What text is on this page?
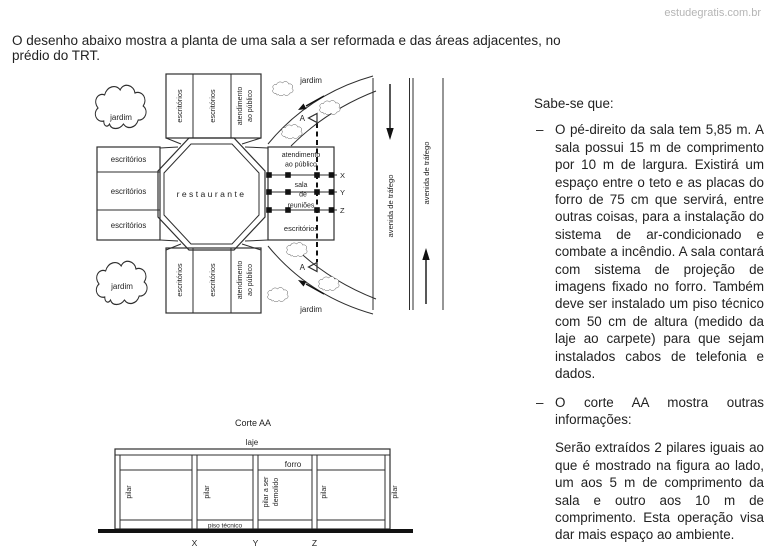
estudegratis.com.br
O desenho abaixo mostra a planta de uma sala a ser reformada e das áreas adjacentes, no prédio do TRT.
jardim
jardim
escritórios	escritórios	atendimento ao público
escritórios	escritórios	atendimento ao público
escritórios
escritórios
escritórios
restaurante
atendimento
ao público
sala
de
reuniões
escritórios
X
Y
Z
A
A
jardim
jardim
avenida de tráfego
avenida de tráfego

Sabe-se que:

– O pé-direito da sala tem 5,85 m. A sala possui 15 m de comprimento por 10 m de largura. Existirá um espaço entre o teto e as placas do forro de 75 cm que servirá, entre outras coisas, para a instalação do sistema de ar-condicionado e combate a incêndio. A sala contará com sistema de projeção de imagens fixado no forro. Também deve ser instalado um piso técnico com 50 cm de altura (medido da laje ao carpete) para que sejam instalados cabos de telefonia e dados.
– O corte AA mostra outras informações:

Serão extraídos 2 pilares iguais ao que é mostrado na figura ao lado, um aos 5 m de comprimento da sala e outro aos 10 m de comprimento. Esta operação visa dar mais espaço ao ambiente.

Corte AA
laje
forro
pilar	pilar	pilar a ser demolido	pilar	pilar
piso técnico
X	Y	Z
